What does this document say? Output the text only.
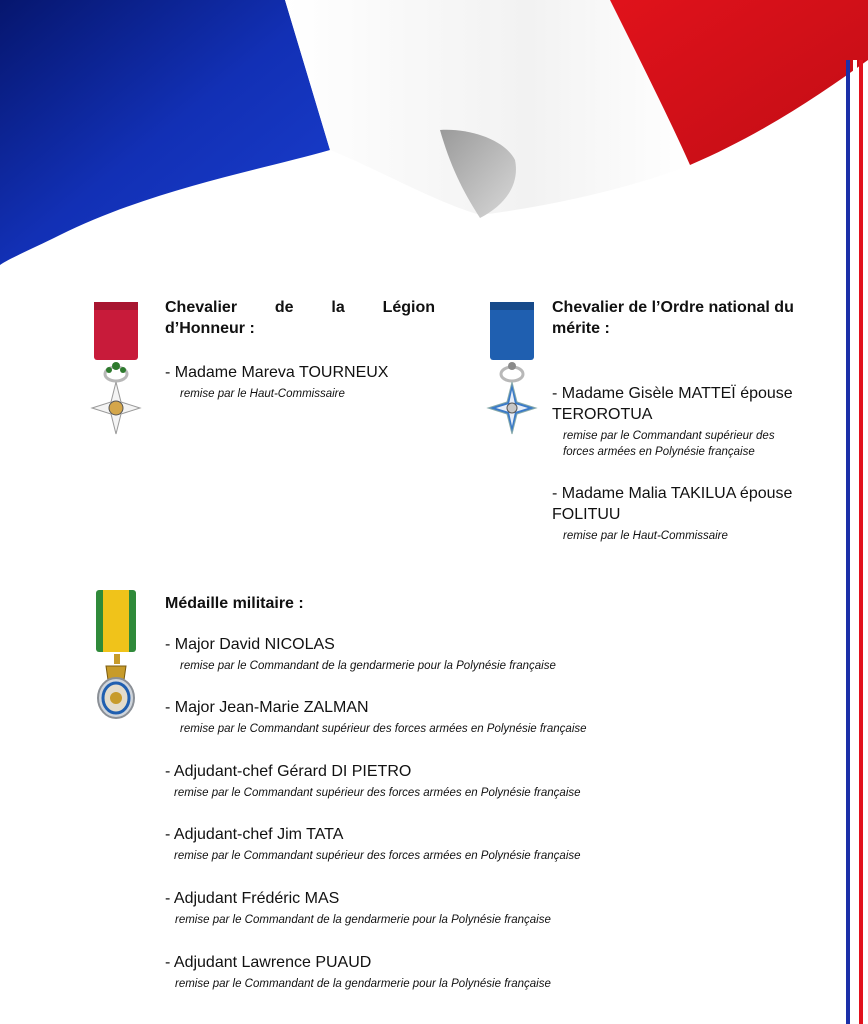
Chevalier de la Légion
d’Honneur :
- Madame Mareva TOURNEUX
remise par le Haut-Commissaire
Chevalier de l’Ordre national du
mérite :
- Madame Gisèle MATTEÏ épouse
TEROROTUA
remise par le Commandant supérieur des
forces armées en Polynésie française
- Madame Malia TAKILUA épouse
FOLITUU
remise par le Haut-Commissaire
Médaille militaire :
- Major David NICOLAS
remise par le Commandant de la gendarmerie pour la Polynésie française
- Major Jean-Marie ZALMAN
remise par le Commandant supérieur des forces armées en Polynésie française
- Adjudant-chef Gérard DI PIETRO
remise par le Commandant supérieur des forces armées en Polynésie française
- Adjudant-chef Jim TATA
remise par le Commandant supérieur des forces armées en Polynésie française
- Adjudant Frédéric MAS
remise par le Commandant de la gendarmerie pour la Polynésie française
- Adjudant Lawrence PUAUD
remise par le Commandant de la gendarmerie pour la Polynésie française
